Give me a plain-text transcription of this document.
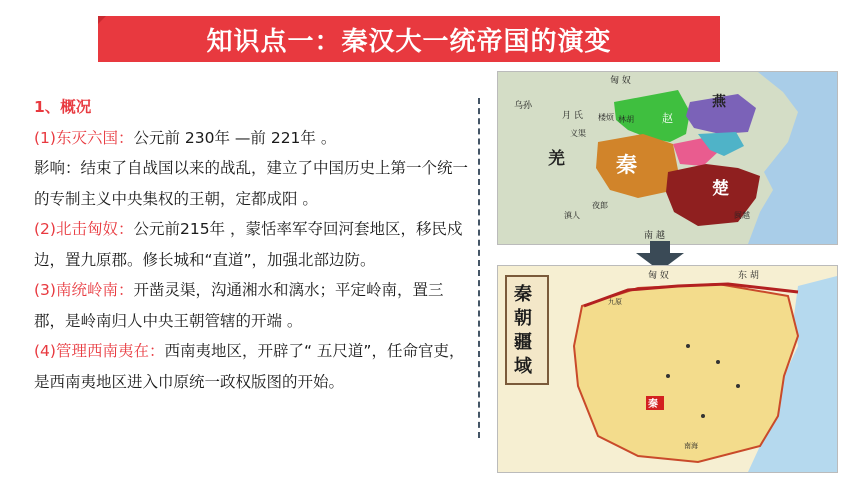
知识点一：秦汉大一统帝国的演变

1、概况

(1)东灭六国：公元前 230年 —前 221年 。

影响：结束了自战国以来的战乱，建立了中国历史上第一个统一的专制主义中央集权的王朝，定都成阳 。

(2)北击匈奴：公元前215年 ，蒙恬率军夺回河套地区，移民戍边，置九原郡。修长城和“直道”，加强北部边防。

(3)南统岭南：开凿灵渠，沟通湘水和漓水；平定岭南，置三郡，是岭南归人中央王朝管辖的开端 。

(4)管理西南夷在：西南夷地区，开辟了“ 五尺道”，任命官吏，是西南夷地区进入巾原统一政权版图的开始。

匈 奴
乌孙
月 氏 楼烦 林胡
义渠
羌 秦
赵
燕
楚
滇人
夜郎
南 越
闽越
秦
朝
疆
域
匈 奴	东 胡
九原
秦
南海
